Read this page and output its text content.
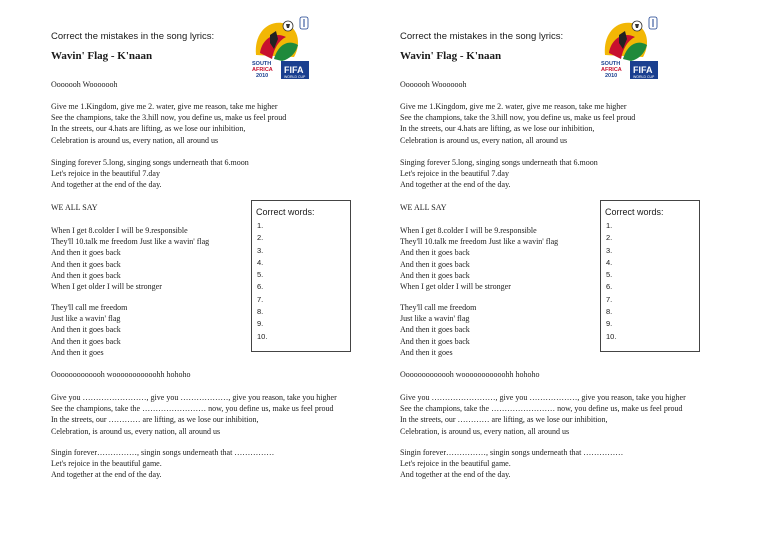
Correct the mistakes in the song lyrics:
Wavin' Flag - K'naan
SOUTH
AFRICA
2010
FIFA
WORLD CUP
Ooooooh Wooooooh
Give me 1.Kingdom, give me 2. water, give me reason, take me higher
See the champions, take the 3.hill now, you define us, make us feel proud
In the streets, our 4.hats are lifting, as we lose our inhibition,
Celebration is around us, every nation, all around us
Singing forever 5.long, singing songs underneath that 6.moon
Let's rejoice in the beautiful 7.day
And together at the end of the day.
WE ALL SAY
When I get 8.colder I will be 9.responsible
They'll 10.talk me freedom Just like a wavin' flag
And then it goes back
And then it goes back
And then it goes back
When I get older I will be stronger
They'll call me freedom
Just like a wavin' flag
And then it goes back
And then it goes back
And then it goes
Ooooooooooooh wooooooooooohh hohoho
Give you ……………………, give you ………………, give you reason, take you higher
See the champions, take the …………………… now, you define us, make us feel proud
In the streets, our ………… are lifting, as we lose our inhibition,
Celebration, is around us, every nation, all around us
Singin forever……………, singin songs underneath that ……………
Let's rejoice in the beautiful game.
And together at the end of the day.
Correct words:
1.
2.
3.
4.
5.
6.
7.
8.
9.
10.
Correct the mistakes in the song lyrics:
Wavin' Flag - K'naan
SOUTH
AFRICA
2010
FIFA
WORLD CUP
Ooooooh Wooooooh
Give me 1.Kingdom, give me 2. water, give me reason, take me higher
See the champions, take the 3.hill now, you define us, make us feel proud
In the streets, our 4.hats are lifting, as we lose our inhibition,
Celebration is around us, every nation, all around us
Singing forever 5.long, singing songs underneath that 6.moon
Let's rejoice in the beautiful 7.day
And together at the end of the day.
WE ALL SAY
When I get 8.colder I will be 9.responsible
They'll 10.talk me freedom Just like a wavin' flag
And then it goes back
And then it goes back
And then it goes back
When I get older I will be stronger
They'll call me freedom
Just like a wavin' flag
And then it goes back
And then it goes back
And then it goes
Ooooooooooooh wooooooooooohh hohoho
Give you ……………………, give you ………………, give you reason, take you higher
See the champions, take the …………………… now, you define us, make us feel proud
In the streets, our ………… are lifting, as we lose our inhibition,
Celebration, is around us, every nation, all around us
Singin forever……………, singin songs underneath that ……………
Let's rejoice in the beautiful game.
And together at the end of the day.
Correct words:
1.
2.
3.
4.
5.
6.
7.
8.
9.
10.
